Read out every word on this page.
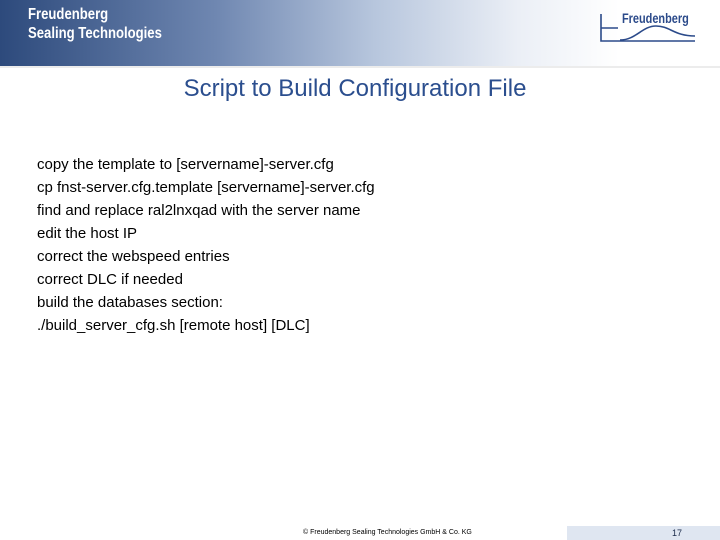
Freudenberg
Sealing Technologies
Freudenberg
Script to Build Configuration File
copy the template to [servername]-server.cfg
cp fnst-server.cfg.template [servername]-server.cfg
find and replace ral2lnxqad with the server name
edit the host IP
correct the webspeed entries
correct DLC if needed
build the databases section:
./build_server_cfg.sh [remote host] [DLC]
© Freudenberg Sealing Technologies GmbH & Co. KG	17
